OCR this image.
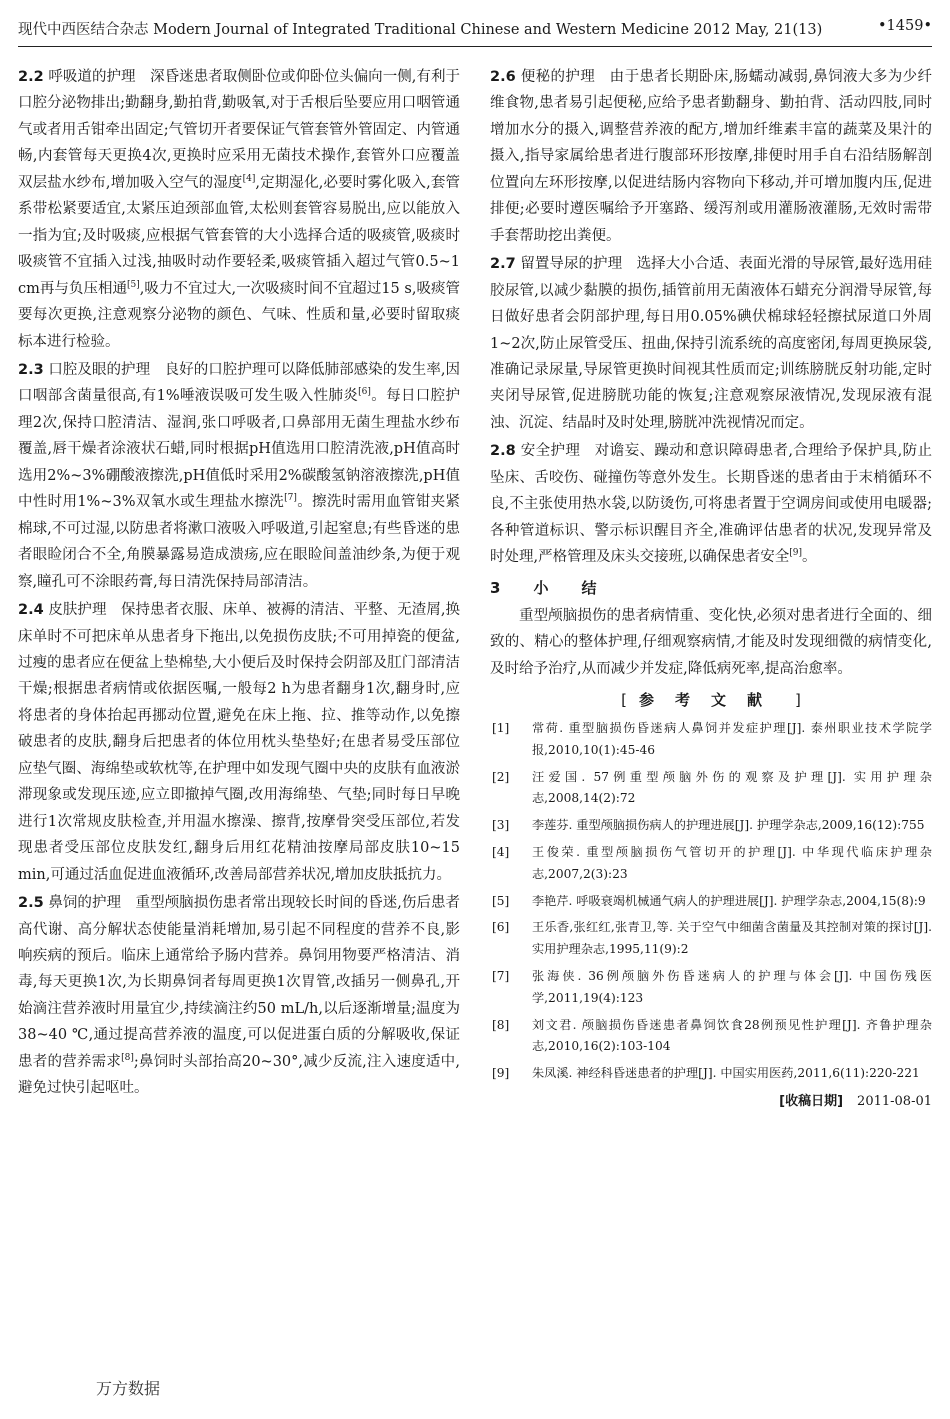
现代中西医结合杂志 Modern Journal of Integrated Traditional Chinese and Western Medicine 2012 May, 21(13)	•1459•

2.2 呼吸道的护理 深昏迷患者取侧卧位或仰卧位头偏向一侧,有利于口腔分泌物排出;勤翻身,勤拍背,勤吸氧,对于舌根后坠要应用口咽管通气或者用舌钳牵出固定;气管切开者要保证气管套管外管固定、内管通畅,内套管每天更换4次,更换时应采用无菌技术操作,套管外口应覆盖双层盐水纱布,增加吸入空气的湿度[4],定期湿化,必要时雾化吸入,套管系带松紧要适宜,太紧压迫颈部血管,太松则套管容易脱出,应以能放入一指为宜;及时吸痰,应根据气管套管的大小选择合适的吸痰管,吸痰时吸痰管不宜插入过浅,抽吸时动作要轻柔,吸痰管插入超过气管0.5~1 cm再与负压相通[5],吸力不宜过大,一次吸痰时间不宜超过15 s,吸痰管要每次更换,注意观察分泌物的颜色、气味、性质和量,必要时留取痰标本进行检验。

2.3 口腔及眼的护理 良好的口腔护理可以降低肺部感染的发生率,因口咽部含菌量很高,有1%唾液误吸可发生吸入性肺炎[6]。每日口腔护理2次,保持口腔清洁、湿润,张口呼吸者,口鼻部用无菌生理盐水纱布覆盖,唇干燥者涂液状石蜡,同时根据pH值选用口腔清洗液,pH值高时选用2%~3%硼酸液擦洗,pH值低时采用2%碳酸氢钠溶液擦洗,pH值中性时用1%~3%双氧水或生理盐水擦洗[7]。擦洗时需用血管钳夹紧棉球,不可过湿,以防患者将漱口液吸入呼吸道,引起窒息;有些昏迷的患者眼睑闭合不全,角膜暴露易造成溃疡,应在眼睑间盖油纱条,为便于观察,瞳孔可不涂眼药膏,每日清洗保持局部清洁。

2.4 皮肤护理 保持患者衣服、床单、被褥的清洁、平整、无渣屑,换床单时不可把床单从患者身下拖出,以免损伤皮肤;不可用掉瓷的便盆,过瘦的患者应在便盆上垫棉垫,大小便后及时保持会阴部及肛门部清洁干燥;根据患者病情或依据医嘱,一般每2 h为患者翻身1次,翻身时,应将患者的身体抬起再挪动位置,避免在床上拖、拉、推等动作,以免擦破患者的皮肤,翻身后把患者的体位用枕头垫垫好;在患者易受压部位应垫气圈、海绵垫或软枕等,在护理中如发现气圈中央的皮肤有血液淤滞现象或发现压迹,应立即撤掉气圈,改用海绵垫、气垫;同时每日早晚进行1次常规皮肤检查,并用温水擦澡、擦背,按摩骨突受压部位,若发现患者受压部位皮肤发红,翻身后用红花精油按摩局部皮肤10~15 min,可通过活血促进血液循环,改善局部营养状况,增加皮肤抵抗力。

2.5 鼻饲的护理 重型颅脑损伤患者常出现较长时间的昏迷,伤后患者高代谢、高分解状态使能量消耗增加,易引起不同程度的营养不良,影响疾病的预后。临床上通常给予肠内营养。鼻饲用物要严格清洁、消毒,每天更换1次,为长期鼻饲者每周更换1次胃管,改插另一侧鼻孔,开始滴注营养液时用量宜少,持续滴注约50 mL/h,以后逐渐增量;温度为38~40 ℃,通过提高营养液的温度,可以促进蛋白质的分解吸收,保证患者的营养需求[8];鼻饲时头部抬高20~30°,减少反流,注入速度适中,避免过快引起呕吐。

2.6 便秘的护理 由于患者长期卧床,肠蠕动减弱,鼻饲液大多为少纤维食物,患者易引起便秘,应给予患者勤翻身、勤拍背、活动四肢,同时增加水分的摄入,调整营养液的配方,增加纤维素丰富的蔬菜及果汁的摄入,指导家属给患者进行腹部环形按摩,排便时用手自右沿结肠解剖位置向左环形按摩,以促进结肠内容物向下移动,并可增加腹内压,促进排便;必要时遵医嘱给予开塞路、缓泻剂或用灌肠液灌肠,无效时需带手套帮助挖出粪便。

2.7 留置导尿的护理 选择大小合适、表面光滑的导尿管,最好选用硅胶尿管,以减少黏膜的损伤,插管前用无菌液体石蜡充分润滑导尿管,每日做好患者会阴部护理,每日用0.05%碘伏棉球轻轻擦拭尿道口外周1~2次,防止尿管受压、扭曲,保持引流系统的高度密闭,每周更换尿袋,准确记录尿量,导尿管更换时间视其性质而定;训练膀胱反射功能,定时夹闭导尿管,促进膀胱功能的恢复;注意观察尿液情况,发现尿液有混浊、沉淀、结晶时及时处理,膀胱冲洗视情况而定。

2.8 安全护理 对谵妄、躁动和意识障碍患者,合理给予保护具,防止坠床、舌咬伤、碰撞伤等意外发生。长期昏迷的患者由于末梢循环不良,不主张使用热水袋,以防烫伤,可将患者置于空调房间或使用电暖器;各种管道标识、警示标识醒目齐全,准确评估患者的状况,发现异常及时处理,严格管理及床头交接班,以确保患者安全[9]。

3 小结

重型颅脑损伤的患者病情重、变化快,必须对患者进行全面的、细致的、精心的整体护理,仔细观察病情,才能及时发现细微的病情变化,及时给予治疗,从而减少并发症,降低病死率,提高治愈率。

[ 参考文献 ]
[1] 常荷. 重型脑损伤昏迷病人鼻饲并发症护理[J]. 泰州职业技术学院学报,2010,10(1):45-46
[2] 汪爱国. 57例重型颅脑外伤的观察及护理[J]. 实用护理杂志,2008,14(2):72
[3] 李莲芬. 重型颅脑损伤病人的护理进展[J]. 护理学杂志,2009,16(12):755
[4] 王俊荣. 重型颅脑损伤气管切开的护理[J]. 中华现代临床护理杂志,2007,2(3):23
[5] 李艳芹. 呼吸衰竭机械通气病人的护理进展[J]. 护理学杂志,2004,15(8):9
[6] 王乐香,张红红,张青卫,等. 关于空气中细菌含菌量及其控制对策的探讨[J]. 实用护理杂志,1995,11(9):2
[7] 张海侠. 36例颅脑外伤昏迷病人的护理与体会[J]. 中国伤残医学,2011,19(4):123
[8] 刘文君. 颅脑损伤昏迷患者鼻饲饮食28例预见性护理[J]. 齐鲁护理杂志,2010,16(2):103-104
[9] 朱凤溪. 神经科昏迷患者的护理[J]. 中国实用医药,2011,6(11):220-221
[收稿日期] 2011-08-01
万方数据
